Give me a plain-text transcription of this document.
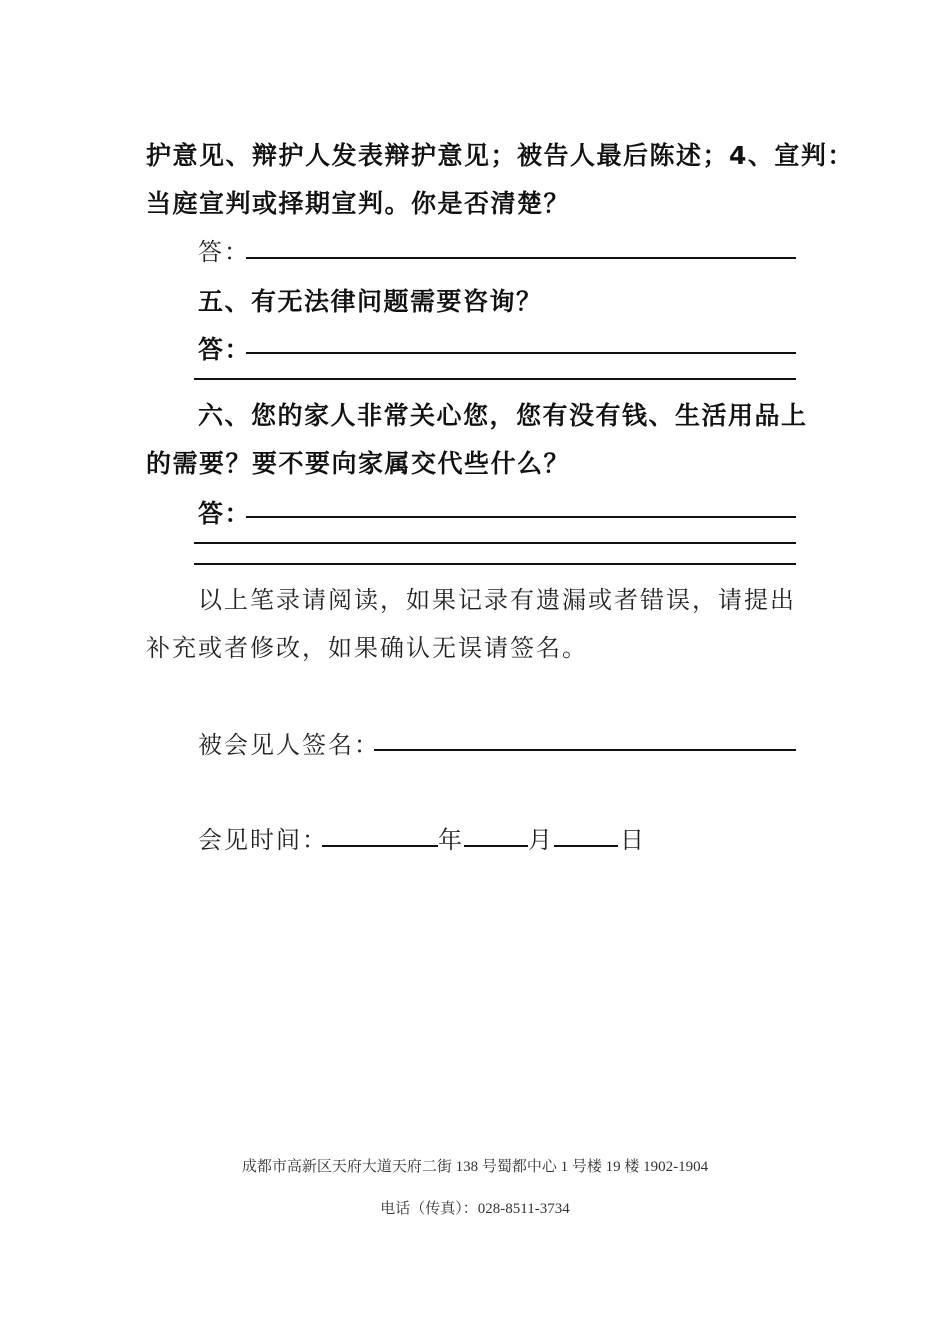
护意见、辩护人发表辩护意见；被告人最后陈述；4、宣判：
当庭宣判或择期宣判。你是否清楚？
答：
五、有无法律问题需要咨询？
答：
六、您的家人非常关心您，您有没有钱、生活用品上
的需要？要不要向家属交代些什么？
答：
以上笔录请阅读，如果记录有遗漏或者错误，请提出
补充或者修改，如果确认无误请签名。
被会见人签名：
会见时间：	年	月	日
成都市高新区天府大道天府二街 138 号蜀都中心 1 号楼 19 楼 1902-1904
电话（传真）：028-8511-3734
